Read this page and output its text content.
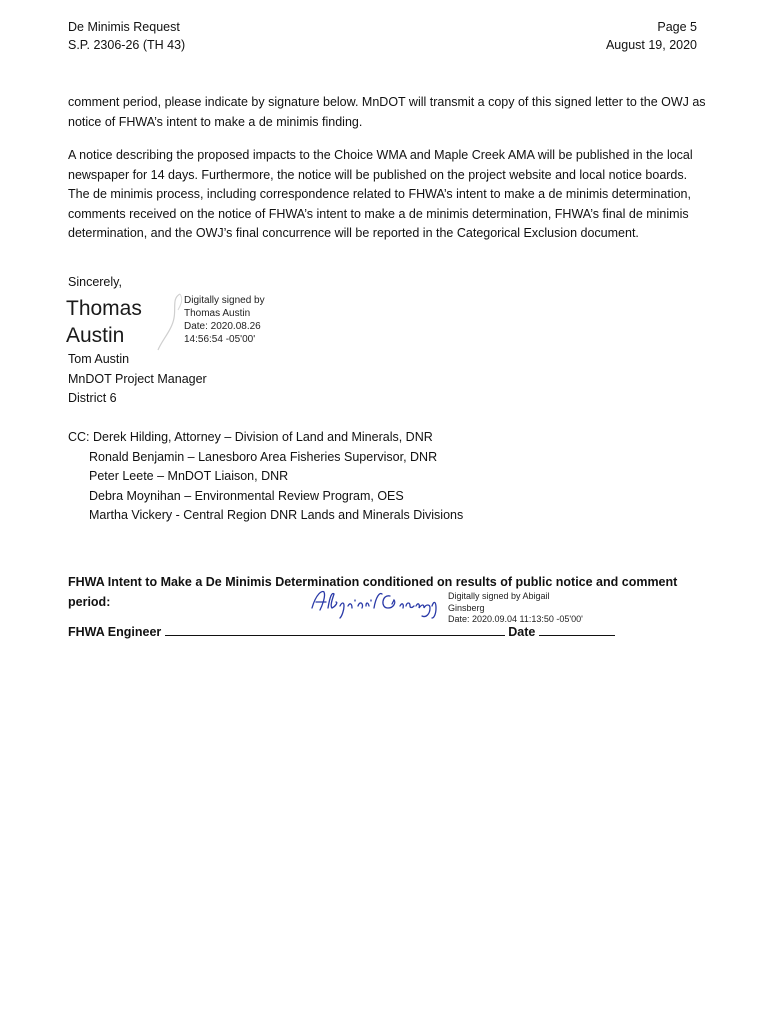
De Minimis Request
S.P. 2306-26 (TH 43)
Page 5
August 19, 2020

comment period, please indicate by signature below. MnDOT will transmit a copy of this signed letter to the OWJ as notice of FHWA’s intent to make a de minimis finding.

A notice describing the proposed impacts to the Choice WMA and Maple Creek AMA will be published in the local newspaper for 14 days. Furthermore, the notice will be published on the project website and local notice boards. The de minimis process, including correspondence related to FHWA’s intent to make a de minimis determination, comments received on the notice of FHWA’s intent to make a de minimis determination, FHWA’s final de minimis determination, and the OWJ’s final concurrence will be reported in the Categorical Exclusion document.

Sincerely,
Thomas
Austin
Digitally signed by
Thomas Austin
Date: 2020.08.26
14:56:54 -05'00'
Tom Austin
MnDOT Project Manager
District 6
CC: Derek Hilding, Attorney – Division of Land and Minerals, DNR
Ronald Benjamin – Lanesboro Area Fisheries Supervisor, DNR
Peter Leete – MnDOT Liaison, DNR
Debra Moynihan – Environmental Review Program, OES
Martha Vickery - Central Region DNR Lands and Minerals Divisions
FHWA Intent to Make a De Minimis Determination conditioned on results of public notice and comment
period:	Digitally signed by Abigail
Ginsberg
Date: 2020.09.04 11:13:50 -05'00'
FHWA Engineer	Date
